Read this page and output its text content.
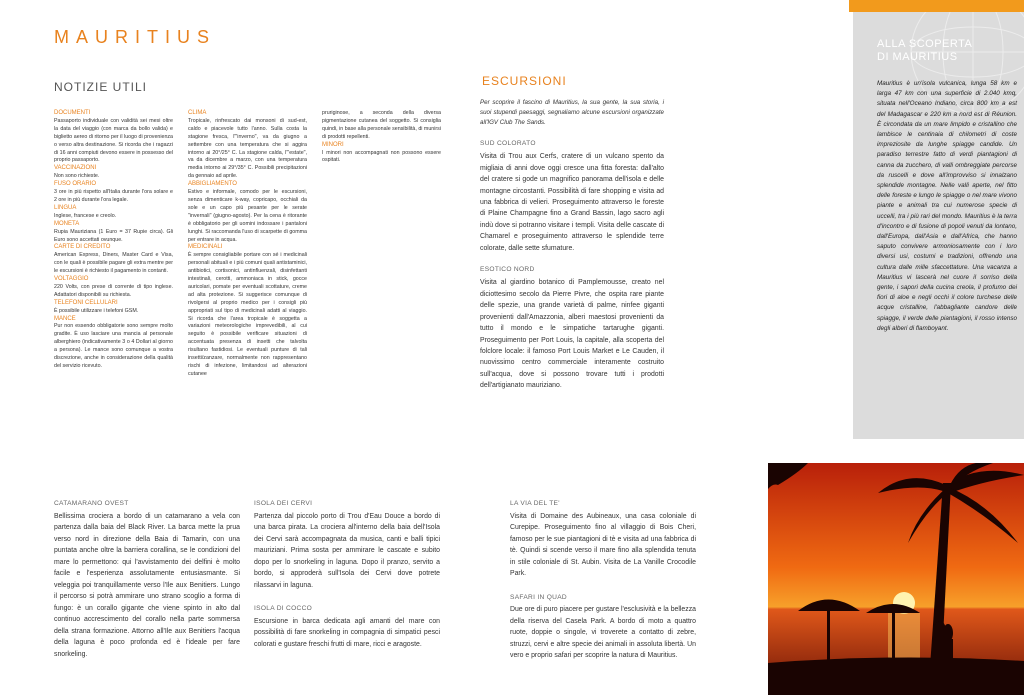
MAURITIUS
NOTIZIE UTILI

DOCUMENTI
Passaporto individuale con validità sei mesi oltre la data del viaggio (con marca da bollo valida) e biglietto aereo di ritorno per il luogo di provenienza o verso altra destinazione. Si ricorda che i ragazzi di 16 anni compiuti devono essere in possesso del proprio passaporto.

VACCINAZIONI
Non sono richieste.

FUSO ORARIO
3 ore in più rispetto all'Italia durante l'ora solare e 2 ore in più durante l'ora legale.

LINGUA
Inglese, francese e creolo.

MONETA
Rupia Mauriziana (1 Euro = 37 Rupie circa). Gli Euro sono accettati ovunque.

CARTE DI CREDITO
American Express, Diners, Master Card e Visa, con le quali è possibile pagare gli extra mentre per le escursioni è richiesto il pagamento in contanti.

VOLTAGGIO
220 Volts, con prese di corrente di tipo inglese. Adattatori disponibili su richiesta.

TELEFONI CELLULARI
È possibile utilizzare i telefoni GSM.

MANCE
Pur non essendo obbligatorie sono sempre molto gradite. È uso lasciare una mancia al personale alberghiero (indicativamente 3 o 4 Dollari al giorno a persona). Le mance sono comunque a vostra discrezione, anche in considerazione della qualità del servizio ricevuto.

CLIMA
Tropicale, rinfrescato dai monsoni di sud-est, caldo e piacevole tutto l'anno. Sulla costa la stagione fresca, l'"inverno", va da giugno a settembre con una temperatura che si aggira intorno ai 20°/25° C. La stagione calda, l'"estate", va da dicembre a marzo, con una temperatura media intorno ai 29°/35° C. Possibili precipitazioni da gennaio ad aprile.

ABBIGLIAMENTO
Estivo e informale, comodo per le escursioni, senza dimenticare k-way, copricapo, occhiali da sole e un capo più pesante per le serate "invernali" (giugno-agosto). Per la cena è ritorante è obbligatorio per gli uomini indossare i pantaloni lunghi. Si raccomanda l'uso di scarpette di gomma per entrare in acqua.

MEDICINALI
È sempre consigliabile portare con sé i medicinali personali abituali e i più comuni quali antistaminici, antibiotici, cortisonici, antinfluenzali, disinfettanti intestinali, cerotti, ammoniaca in stick, gocce auricolari, pomate per eventuali scottature, creme ad alta protezione. Si suggerisce comunque di rivolgersi al proprio medico per i consigli più appropriati sul tipo di medicinali adatti al viaggio. Si ricorda che l'area tropicale è soggetta a variazioni meteorologiche imprevedibili, al cui seguito è possibile verificare situazioni di accentuata presenza di insetti che talvolta risultano fastidiosi. Le eventuali punture di tali insetti/zanzare, normalmente non rappresentano rischi di infezione, limitandosi ad alterazioni cutanee

pruriginose, a seconda della diversa pigmentazione cutanea del soggetto. Si consiglia quindi, in base alla personale sensibilità, di munirsi di prodotti repellenti.

MINORI
I minori non accompagnati non possono essere ospitati.

ESCURSIONI
Per scoprire il fascino di Mauritius, la sua gente, la sua storia, i suoi stupendi paesaggi, segnaliamo alcune escursioni organizzate all'IGV Club The Sands.
SUD COLORATO
Visita di Trou aux Cerfs, cratere di un vulcano spento da migliaia di anni dove oggi cresce una fitta foresta: dall'alto del cratere si gode un magnifico panorama dell'isola e delle montagne circostanti. Possibilità di fare shopping e visita ad una fabbrica di velieri. Proseguimento attraverso le foreste di Plaine Champagne fino a Grand Bassin, lago sacro agli indù dove si potranno visitare i templi. Visita delle cascate di Chamarel e proseguimento attraverso le splendide terre colorate, dalle sette sfumature.
ESOTICO NORD
Visita al giardino botanico di Pamplemousse, creato nel diciottesimo secolo da Pierre Pivre, che ospita rare piante delle spezie, una grande varietà di palme, ninfee giganti provenienti dall'Amazzonia, alberi maestosi provenienti da tutto il mondo e le simpatiche tartarughe giganti. Proseguimento per Port Louis, la capitale, alla scoperta del folclore locale: il famoso Port Louis Market e Le Cauden, il nuovissimo centro commerciale interamente costruito sull'acqua, dove si possono trovare tutti i prodotti dell'artigianato mauriziano.
ALLA SCOPERTA
DI MAURITIUS
Mauritius è un'isola vulcanica, lunga 58 km e larga 47 km con una superficie di 2.040 kmq, situata nell'Oceano Indiano, circa 800 km a est del Madagascar e 220 km a nord est di Réunion. È circondata da un mare limpido e cristallino che lambisce le centinaia di chilometri di coste impreziosite da lunghe spiagge candide. Un paradiso terrestre fatto di verdi piantagioni di canna da zucchero, di valli ombreggiate percorse da ruscelli e dove all'improvviso si innalzano splendide montagne. Nelle valli aperte, nel fitto delle foreste e lungo le spiagge o nel mare vivono piante e animali tra cui numerose specie di uccelli, tra i più rari del mondo. Mauritius è la terra d'incontro e di fusione di popoli venuti da lontano, dall'Europa, dall'Asia e dall'Africa, che hanno saputo convivere armoniosamente con i loro diversi usi, costumi e tradizioni, offrendo una cultura dalle mille sfaccettature. Una vacanza a Mauritius vi lascerà nel cuore il sorriso della gente, i sapori della cucina creola, il profumo dei fiori di aloe e negli occhi il colore turchese delle acque cristalline, l'abbagliante candore delle spiagge, il verde delle piantagioni, il rosso intenso degli alberi di flamboyant.
CATAMARANO OVEST
Bellissima crociera a bordo di un catamarano a vela con partenza dalla baia del Black River. La barca mette la prua verso nord in direzione della Baia di Tamarin, con una puntata anche oltre la barriera corallina, se le condizioni del mare lo permettono: qui l'avvistamento dei delfini è molto facile e l'esperienza assolutamente entusiasmante. Si veleggia poi tranquillamente verso l'Ile aux Benitiers. Lungo il percorso si potrà ammirare uno strano scoglio a forma di fungo: è un corallo gigante che viene spinto in alto dal continuo accrescimento del corallo nella parte sommersa della strana formazione. Attorno all'Ile aux Benitiers l'acqua della laguna è poco profonda ed è l'ideale per fare snorkeling.
ISOLA DEI CERVI
Partenza dal piccolo porto di Trou d'Eau Douce a bordo di una barca pirata. La crociera all'interno della baia dell'Isola dei Cervi sarà accompagnata da musica, canti e balli tipici mauriziani. Prima sosta per ammirare le cascate e subito dopo per lo snorkeling in laguna. Dopo il pranzo, servito a bordo, si approderà sull'Isola dei Cervi dove potrete rilassarvi in laguna.
ISOLA DI COCCO
Escursione in barca dedicata agli amanti del mare con possibilità di fare snorkeling in compagnia di simpatici pesci colorati e gustare freschi frutti di mare, ricci e aragoste.
LA VIA DEL TE'
Visita di Domaine des Aubineaux, una casa coloniale di Curepipe. Proseguimento fino al villaggio di Bois Cheri, famoso per le sue piantagioni di tè e visita ad una fabbrica di tè. Quindi si scende verso il mare fino alla splendida tenuta in stile coloniale di St. Aubin. Visita de La Vanille Crocodile Park.
SAFARI IN QUAD
Due ore di puro piacere per gustare l'esclusività e la bellezza della riserva del Casela Park. A bordo di moto a quattro ruote, doppie o singole, vi troverete a contatto di zebre, struzzi, cervi e altre specie dei animali in assoluta libertà. Un vero e proprio safari per scoprire la natura di Mauritius.
